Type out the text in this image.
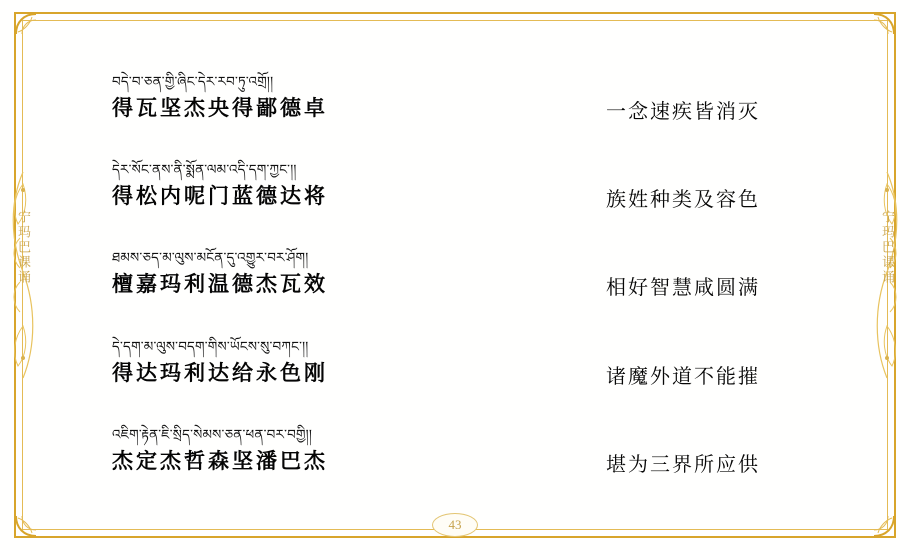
宁玛巴课诵	宁玛巴课诵
བདེ་བ་ཅན་གྱི་ཞིང་དེར་རབ་ཏུ་འགྲོ།།
得瓦坚杰央得鄙德卓	一念速疾皆消灭
དེར་སོང་ནས་ནི་སྨོན་ལམ་འདི་དག་ཀྱང་།།
得松内呢门蓝德达将	族姓种类及容色
ཐམས་ཅད་མ་ལུས་མངོན་དུ་འགྱུར་བར་ཤོག།
檀嘉玛利温德杰瓦效	相好智慧咸圆满
དེ་དག་མ་ལུས་བདག་གིས་ཡོངས་སུ་བཀང་།།
得达玛利达给永色刚	诸魔外道不能摧
འཇིག་རྟེན་ཇི་སྲིད་སེམས་ཅན་ཕན་བར་བགྱི།།
杰定杰哲森坚潘巴杰	堪为三界所应供
43
